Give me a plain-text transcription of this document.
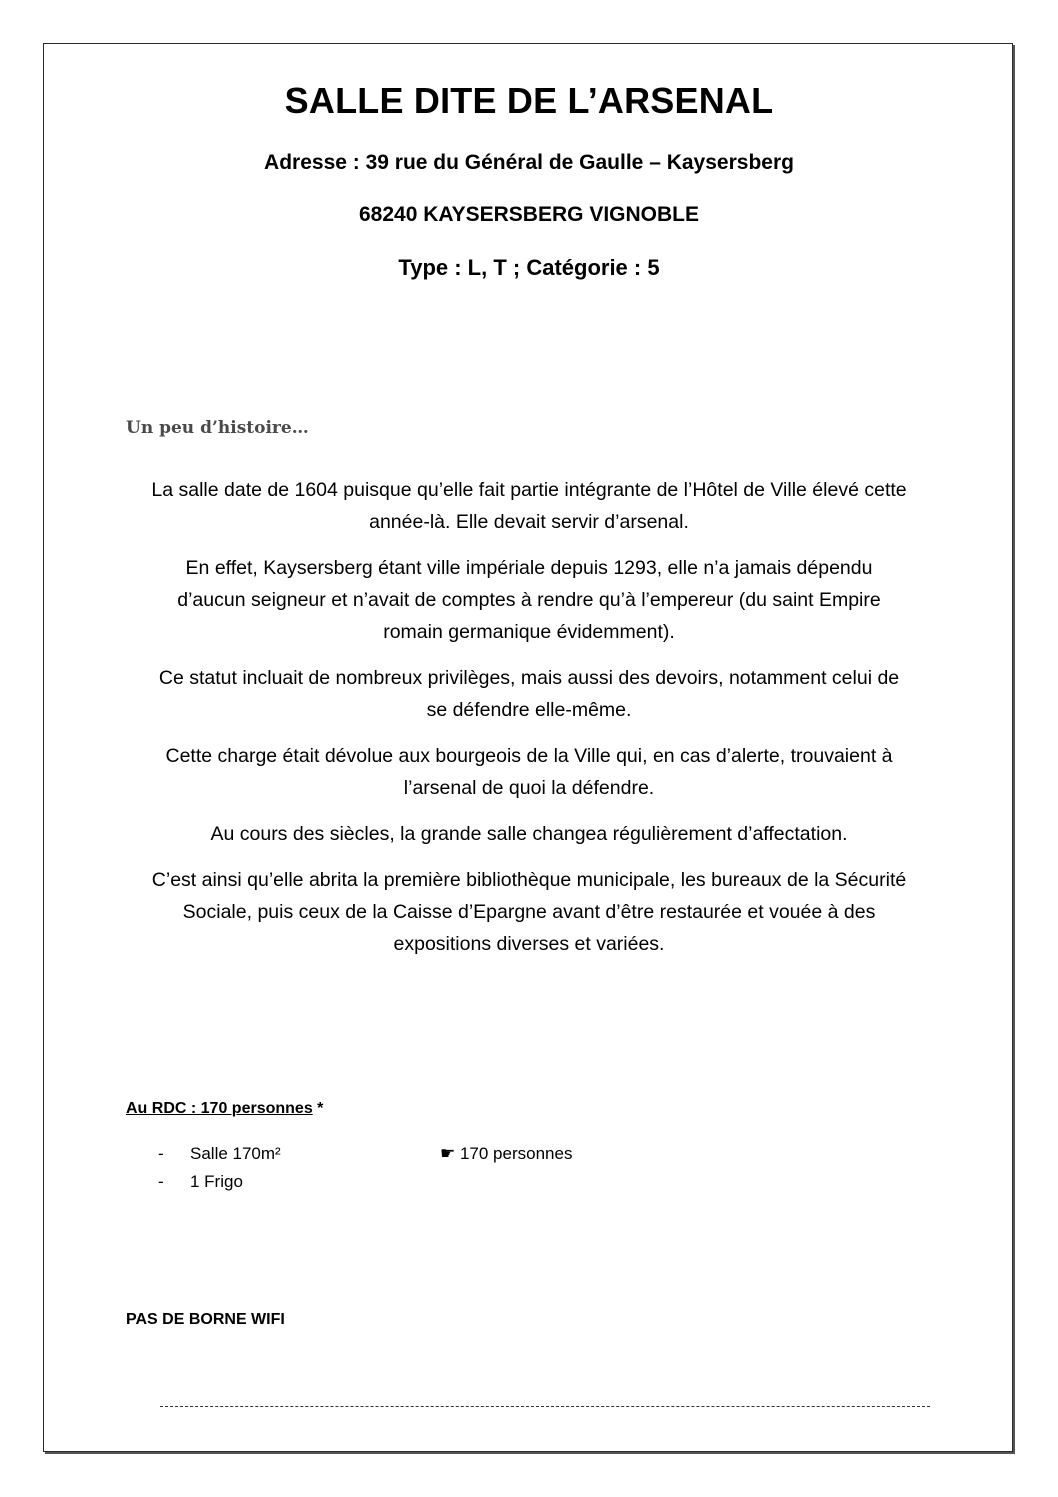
SALLE DITE DE L’ARSENAL
Adresse : 39 rue du Général de Gaulle – Kaysersberg
68240 KAYSERSBERG VIGNOBLE
Type : L, T ; Catégorie : 5
Un peu d’histoire…

La salle date de 1604 puisque qu’elle fait partie intégrante de l’Hôtel de Ville élevé cette année-là. Elle devait servir d’arsenal.

En effet, Kaysersberg étant ville impériale depuis 1293, elle n’a jamais dépendu d’aucun seigneur et n’avait de comptes à rendre qu’à l’empereur (du saint Empire romain germanique évidemment).

Ce statut incluait de nombreux privilèges, mais aussi des devoirs, notamment celui de se défendre elle-même.

Cette charge était dévolue aux bourgeois de la Ville qui, en cas d’alerte, trouvaient à l’arsenal de quoi la défendre.

Au cours des siècles, la grande salle changea régulièrement d’affectation.

C’est ainsi qu’elle abrita la première bibliothèque municipale, les bureaux de la Sécurité Sociale, puis ceux de la Caisse d’Epargne avant d’être restaurée et vouée à des expositions diverses et variées.

Au RDC : 170 personnes *
- Salle 170m²	☛ 170 personnes
- 1 Frigo
PAS DE BORNE WIFI
